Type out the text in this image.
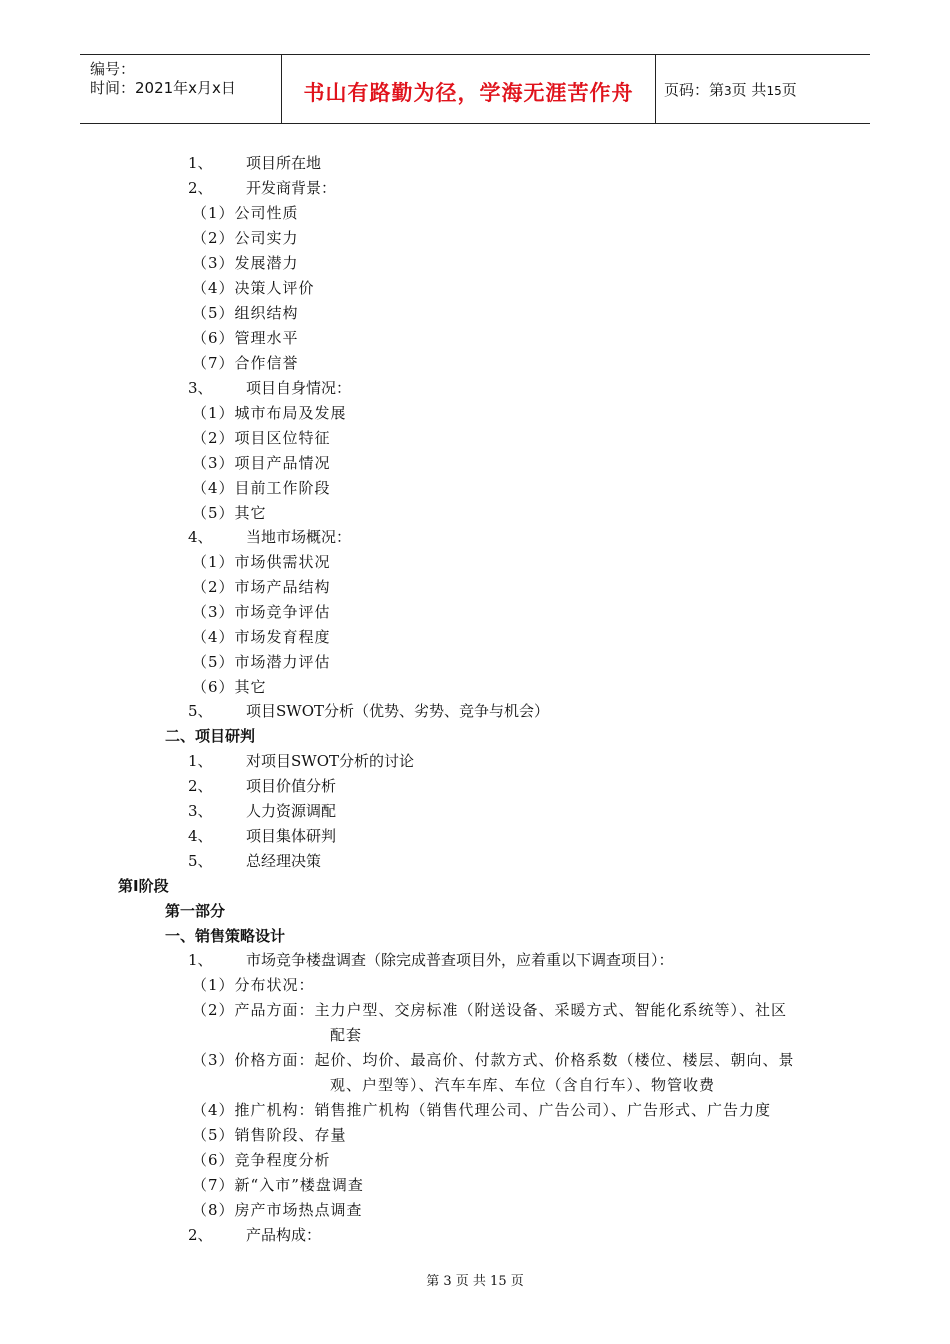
编号：
时间：2021年x月x日	书山有路勤为径，学海无涯苦作舟	页码：第3页 共15页
1、 项目所在地
2、 开发商背景：
（1）公司性质
（2）公司实力
（3）发展潜力
（4）决策人评价
（5）组织结构
（6）管理水平
（7）合作信誉
3、 项目自身情况：
（1）城市布局及发展
（2）项目区位特征
（3）项目产品情况
（4）目前工作阶段
（5）其它
4、 当地市场概况：
（1）市场供需状况
（2）市场产品结构
（3）市场竞争评估
（4）市场发育程度
（5）市场潜力评估
（6）其它
5、 项目SWOT分析（优势、劣势、竞争与机会）
二、项目研判
1、 对项目SWOT分析的讨论
2、 项目价值分析
3、 人力资源调配
4、 项目集体研判
5、 总经理决策
第Ⅰ阶段
第一部分
一、销售策略设计
1、 市场竞争楼盘调查（除完成普查项目外，应着重以下调查项目）：
（1）分布状况：
（2）产品方面：主力户型、交房标准（附送设备、采暖方式、智能化系统等）、社区
配套
（3）价格方面：起价、均价、最高价、付款方式、价格系数（楼位、楼层、朝向、景
观、户型等）、汽车车库、车位（含自行车）、物管收费
（4）推广机构：销售推广机构（销售代理公司、广告公司）、广告形式、广告力度
（5）销售阶段、存量
（6）竞争程度分析
（7）新“入市”楼盘调查
（8）房产市场热点调查
2、 产品构成：
第 3 页 共 15 页
